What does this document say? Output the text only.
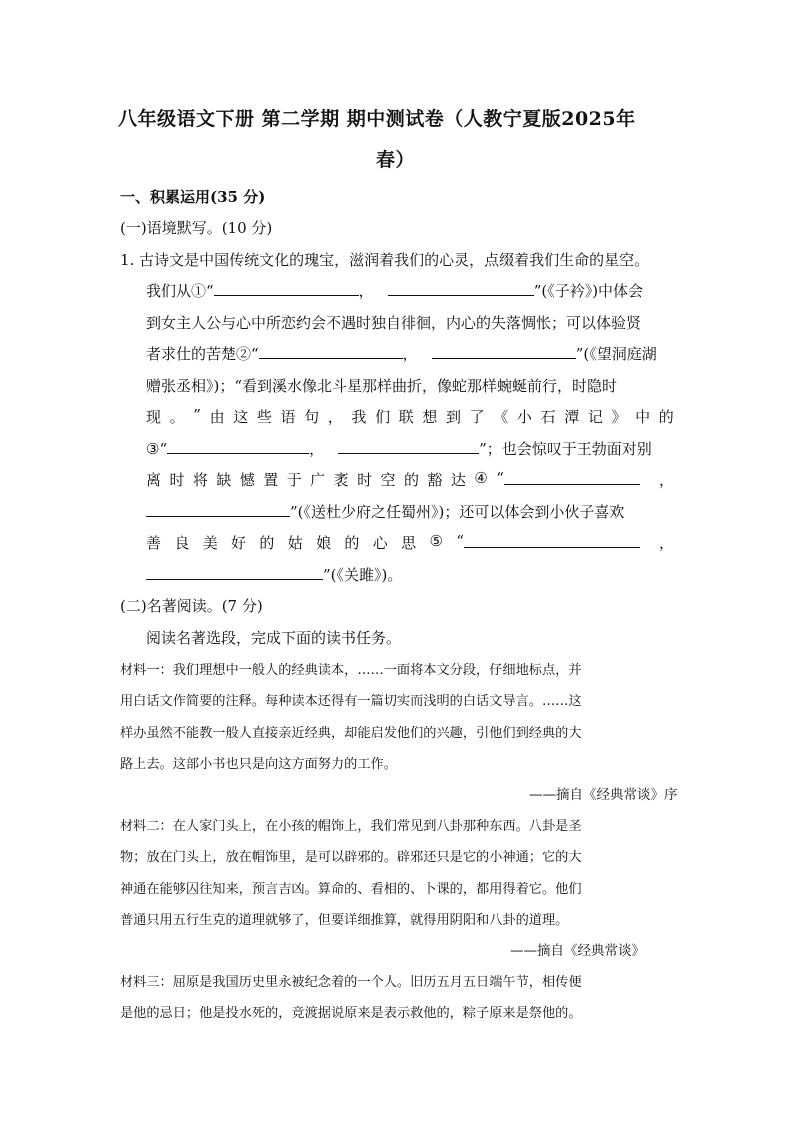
八年级语文下册 第二学期 期中测试卷（人教宁夏版2025年
春）
一、积累运用(35 分)
(一)语境默写。(10 分)
1. 古诗文是中国传统文化的瑰宝，滋润着我们的心灵，点缀着我们生命的星空。
我们从①“	，	”(《子衿》)中体会
到女主人公与心中所恋约会不遇时独自徘徊，内心的失落惆怅；可以体验贤
者求仕的苦楚②“	，	”(《望洞庭湖
赠张丞相》)；“看到溪水像北斗星那样曲折，像蛇那样蜿蜒前行，时隐时
现 。 ” 由 这 些 语 句 ， 我 们 联 想 到 了 《 小 石 潭 记 》 中 的
③“	，	”；也会惊叹于王勃面对别
离 时 将 缺 憾 置 于 广 袤 时 空 的 豁 达 ④ “	，
”(《送杜少府之任蜀州》)；还可以体会到小伙子喜欢
善 良 美 好 的 姑 娘 的 心 思 ⑤ “	，
”(《关雎》)。
(二)名著阅读。(7 分)
阅读名著选段，完成下面的读书任务。
材料一：我们理想中一般人的经典读本，……一面将本文分段，仔细地标点，并
用白话文作简要的注释。每种读本还得有一篇切实而浅明的白话文导言。……这
样办虽然不能教一般人直接亲近经典，却能启发他们的兴趣，引他们到经典的大
路上去。这部小书也只是向这方面努力的工作。
——摘自《经典常谈》序
材料二：在人家门头上，在小孩的帽饰上，我们常见到八卦那种东西。八卦是圣
物；放在门头上，放在帽饰里，是可以辟邪的。辟邪还只是它的小神通；它的大
神通在能够囚往知来，预言吉凶。算命的、看相的、卜课的，都用得着它。他们
普通只用五行生克的道理就够了，但要详细推算，就得用阴阳和八卦的道理。
——摘自《经典常谈》
材料三：屈原是我国历史里永被纪念着的一个人。旧历五月五日端午节，相传便
是他的忌日；他是投水死的，竞渡据说原来是表示救他的，粽子原来是祭他的。
